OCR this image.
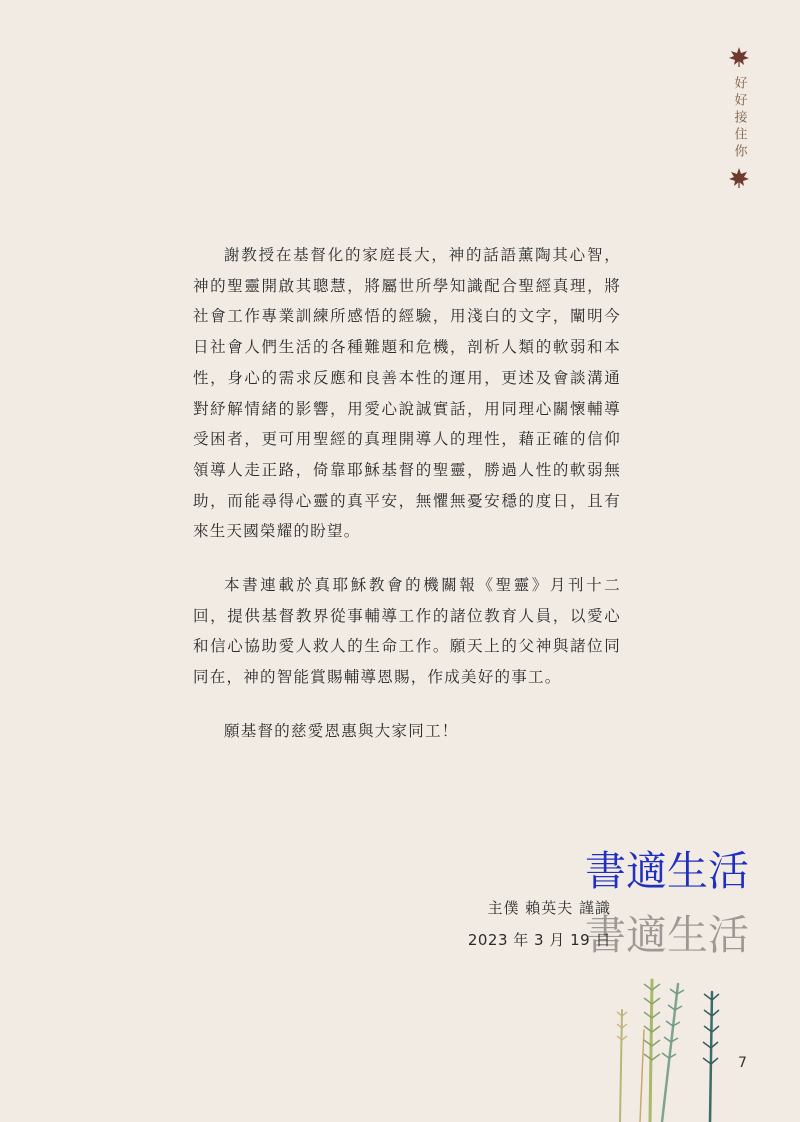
好好接住你

謝教授在基督化的家庭長大，神的話語薰陶其心智，神的聖靈開啟其聰慧，將屬世所學知識配合聖經真理，將社會工作專業訓練所感悟的經驗，用淺白的文字，闡明今日社會人們生活的各種難題和危機，剖析人類的軟弱和本性，身心的需求反應和良善本性的運用，更述及會談溝通對紓解情緒的影響，用愛心說誠實話，用同理心關懷輔導受困者，更可用聖經的真理開導人的理性，藉正確的信仰領導人走正路，倚靠耶穌基督的聖靈，勝過人性的軟弱無助，而能尋得心靈的真平安，無懼無憂安穩的度日，且有來生天國榮耀的盼望。

本書連載於真耶穌教會的機關報《聖靈》月刊十二回，提供基督教界從事輔導工作的諸位教育人員，以愛心和信心協助愛人救人的生命工作。願天上的父神與諸位同同在，神的智能賞賜輔導恩賜，作成美好的事工。

願基督的慈愛恩惠與大家同工！

書適生活
書適生活
主僕 賴英夫 謹識
2023 年 3 月 19 日
7
